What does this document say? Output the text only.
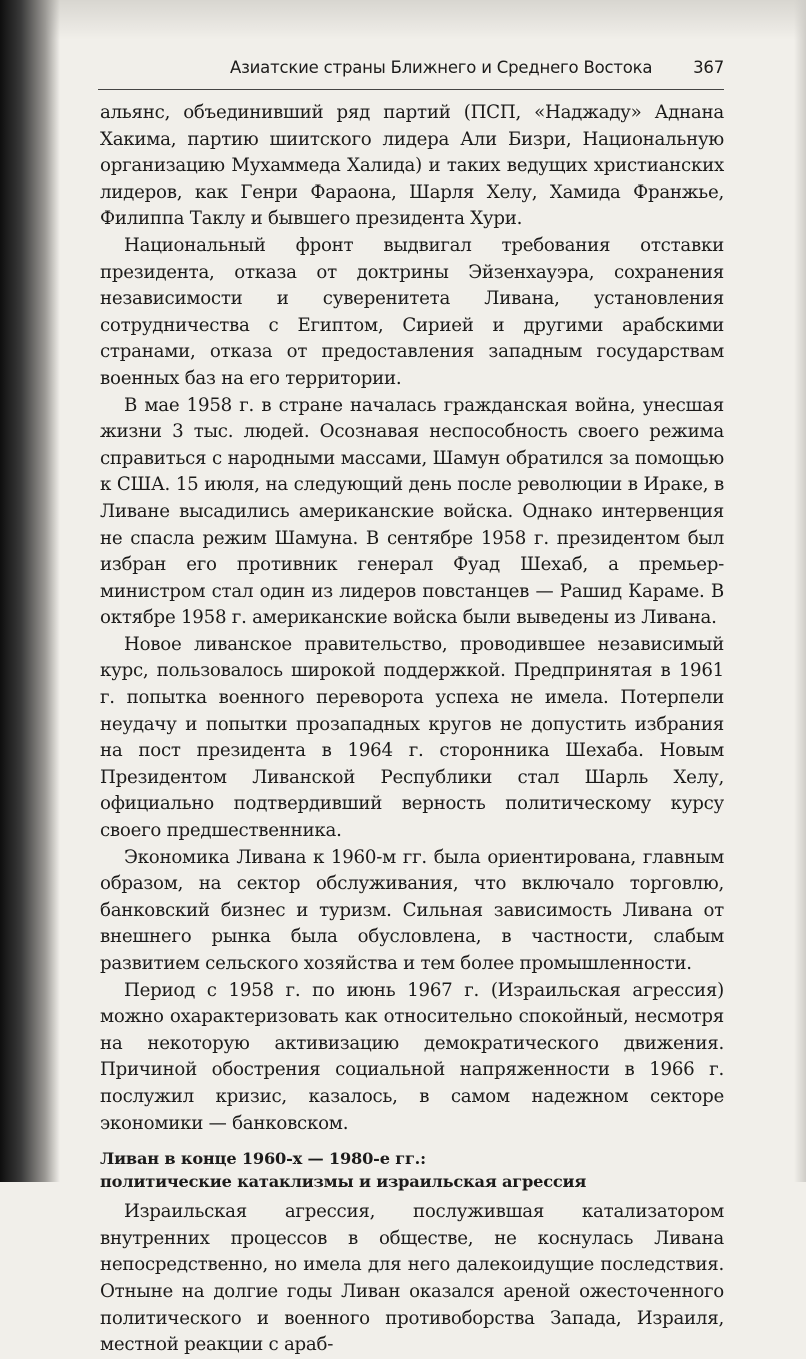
Азиатские страны Ближнего и Среднего Востока 367

альянс, объединивший ряд партий (ПСП, «Наджаду» Аднана Хакима, партию шиитского лидера Али Бизри, Национальную организацию Мухаммеда Халида) и таких ведущих христианских лидеров, как Генри Фараона, Шарля Хелу, Хамида Франжье, Филиппа Таклу и бывшего президента Хури.

Национальный фронт выдвигал требования отставки президента, отказа от доктрины Эйзенхауэра, сохранения независимости и суверенитета Ливана, установления сотрудничества с Египтом, Сирией и другими арабскими странами, отказа от предоставления западным государствам военных баз на его территории.

В мае 1958 г. в стране началась гражданская война, унесшая жизни 3 тыс. людей. Осознавая неспособность своего режима справиться с народными массами, Шамун обратился за помощью к США. 15 июля, на следующий день после революции в Ираке, в Ливане высадились американские войска. Однако интервенция не спасла режим Шамуна. В сентябре 1958 г. президентом был избран его противник генерал Фуад Шехаб, а премьер-министром стал один из лидеров повстанцев — Рашид Караме. В октябре 1958 г. американские войска были выведены из Ливана.

Новое ливанское правительство, проводившее независимый курс, пользовалось широкой поддержкой. Предпринятая в 1961 г. попытка военного переворота успеха не имела. Потерпели неудачу и попытки прозападных кругов не допустить избрания на пост президента в 1964 г. сторонника Шехаба. Новым Президентом Ливанской Республики стал Шарль Хелу, официально подтвердивший верность политическому курсу своего предшественника.

Экономика Ливана к 1960-м гг. была ориентирована, главным образом, на сектор обслуживания, что включало торговлю, банковский бизнес и туризм. Сильная зависимость Ливана от внешнего рынка была обусловлена, в частности, слабым развитием сельского хозяйства и тем более промышленности.

Период с 1958 г. по июнь 1967 г. (Израильская агрессия) можно охарактеризовать как относительно спокойный, несмотря на некоторую активизацию демократического движения. Причиной обострения социальной напряженности в 1966 г. послужил кризис, казалось, в самом надежном секторе экономики — банковском.

Ливан в конце 1960-х — 1980-е гг.:
политические катаклизмы и израильская агрессия

Израильская агрессия, послужившая катализатором внутренних процессов в обществе, не коснулась Ливана непосредственно, но имела для него далекоидущие последствия. Отныне на долгие годы Ливан оказался ареной ожесточенного политического и военного противоборства Запада, Израиля, местной реакции с араб-
